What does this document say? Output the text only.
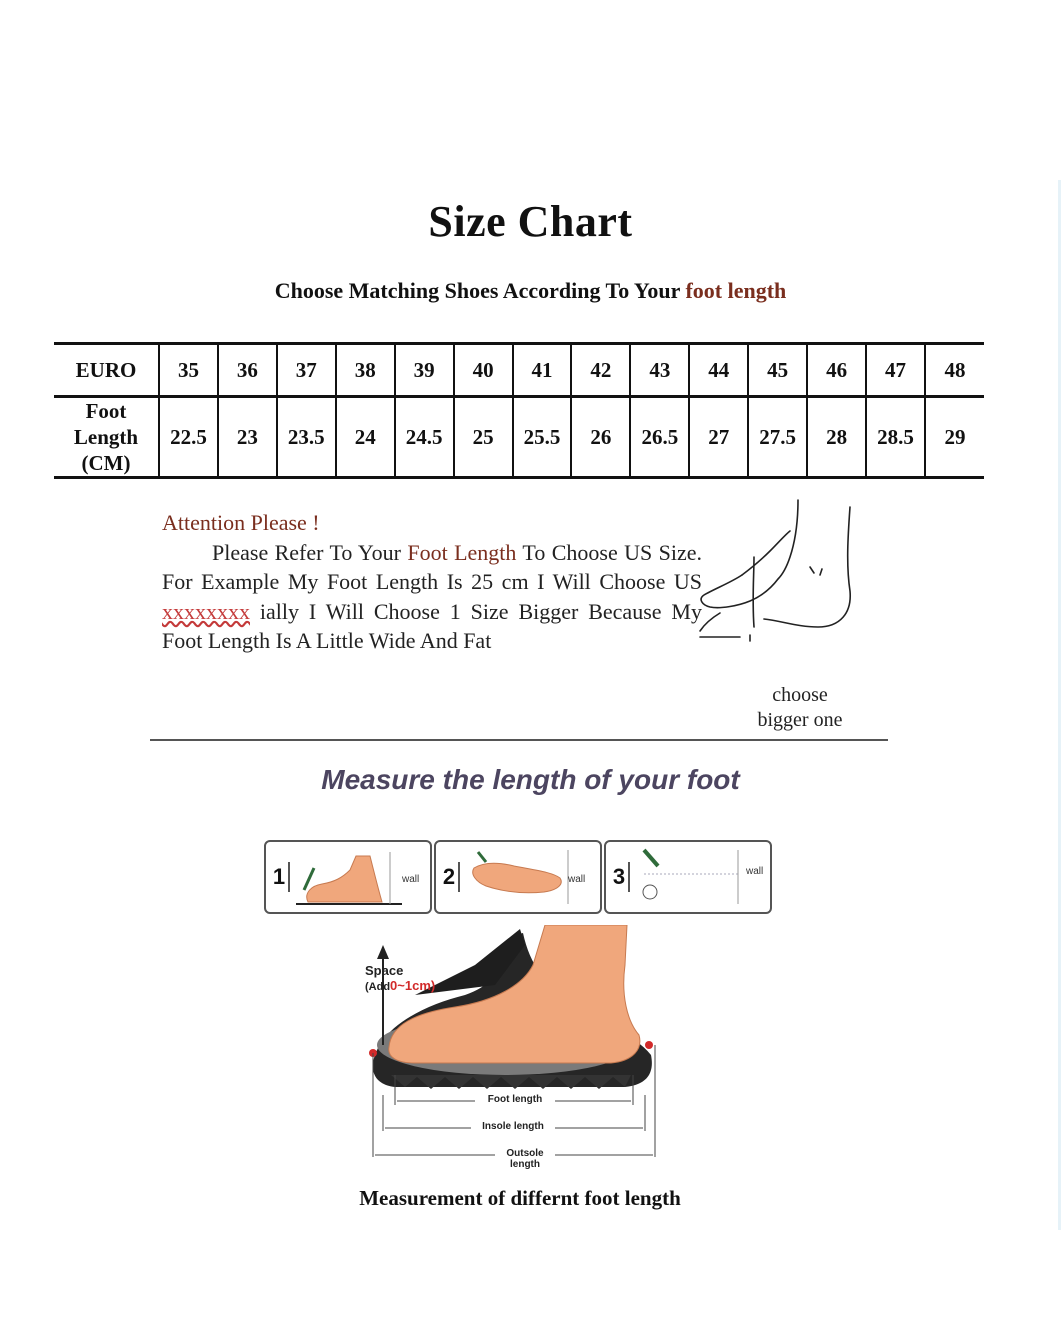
Size Chart
Choose Matching Shoes According To Your foot length
EURO	35	36	37	38	39	40	41	42	43	44	45	46	47	48
Foot
Length
(CM)	22.5	23	23.5	24	24.5	25	25.5	26	26.5	27	27.5	28	28.5	29
Attention Please !
Please Refer To Your Foot Length To Choose US Size. For Example My Foot Length Is 25 cm I Will Choose US xxxxxxxx ially I Will Choose 1 Size Bigger Because My Foot Length Is A Little Wide And Fat
choose
bigger one
Measure the length of your foot
1	wall 2	wall 3	wall
Space
(Add0~1cm)
Foot length
Insole length
Outsole length
Measurement of differnt foot length
